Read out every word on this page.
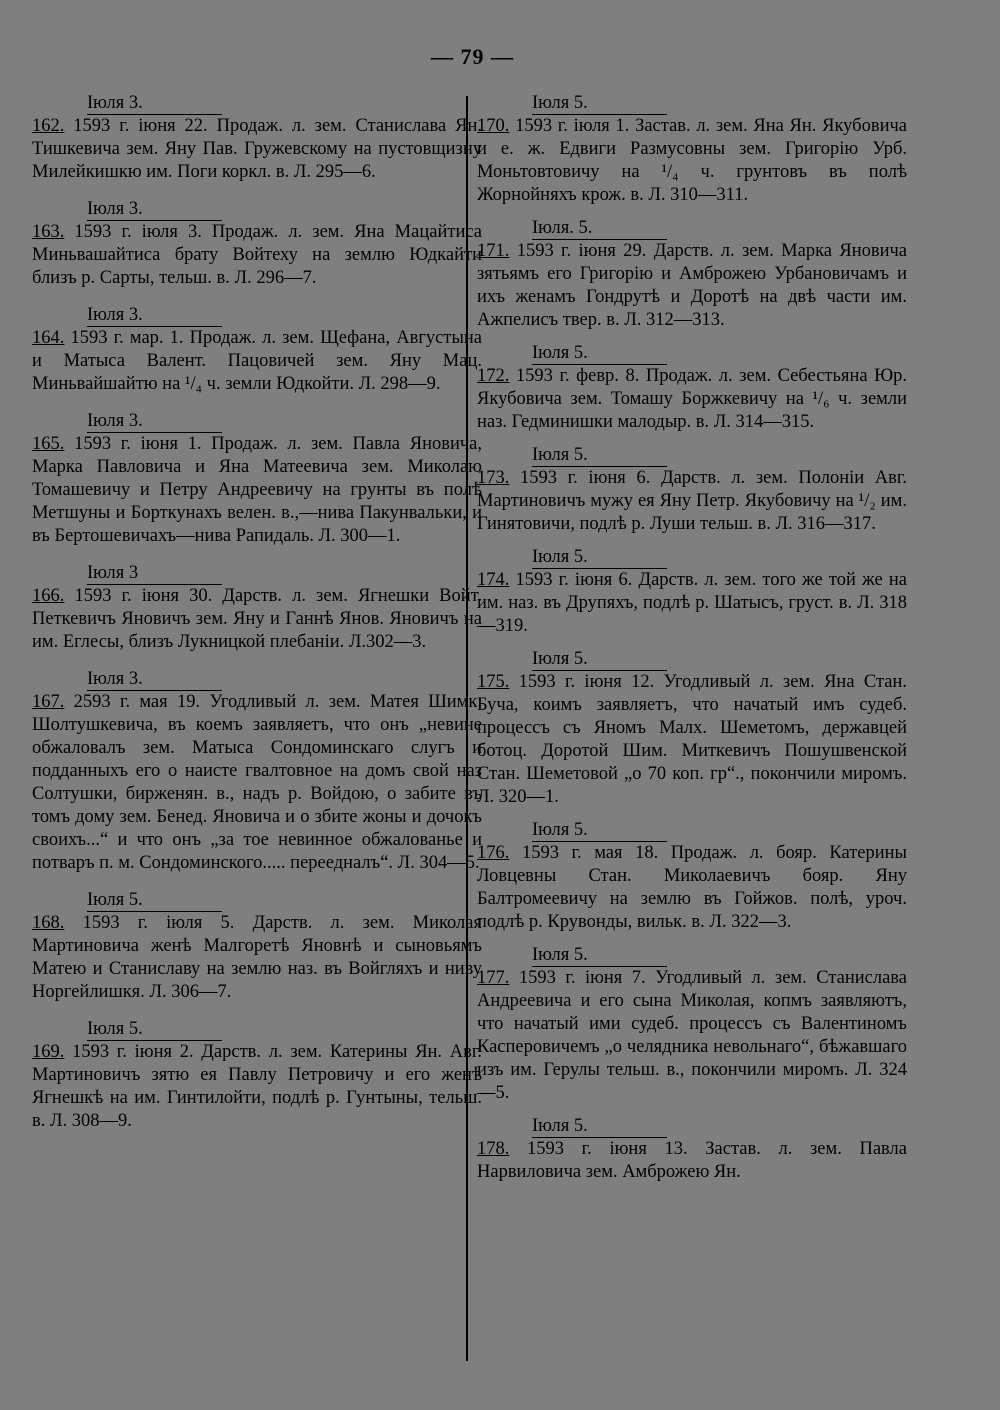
— 79 —
Іюля 3.

162. 1593 г. іюня 22. Продаж. л. зем. Станислава Ян. Тишкевича зем. Яну Пав. Гружевскому на пустовщизну Милейкишкю им. Поги коркл. в. Л. 295—6.

Іюля 3.

163. 1593 г. іюля 3. Продаж. л. зем. Яна Мацайтиса Миньвашайтиса брату Войтеху на землю Юдкайти близъ р. Сарты, тельш. в. Л. 296—7.

Іюля 3.

164. 1593 г. мар. 1. Продаж. л. зем. Щефана, Августына и Матыса Валент. Пацовичей зем. Яну Мац. Миньвайшайтю на ¹/₄ ч. земли Юдкойти. Л. 298—9.

Іюля 3.

165. 1593 г. іюня 1. Продаж. л. зем. Павла Яновича, Марка Павловича и Яна Матеевича зем. Миколаю Томашевичу и Петру Андреевичу на грунты въ полѣ Метшуны и Борткунахъ велен. в.,—нива Пакунвальки, и въ Бертошевичахъ—нива Рапидаль. Л. 300—1.

Іюля 3

166. 1593 г. іюня 30. Дарств. л. зем. Ягнешки Войт. Петкевичъ Яновичъ зем. Яну и Ганнѣ Янов. Яновичъ на им. Еглесы, близъ Лукницкой плебаніи. Л.302—3.

Іюля 3.

167. 2593 г. мая 19. Угодливый л. зем. Матея Шимк. Шолтушкевича, въ коемъ заявляетъ, что онъ „невине обжаловалъ зем. Матыса Сондоминскаго слугъ и подданныхъ его о наисте гвалтовное на домъ свой наз Солтушки, бирженян. в., надъ р. Войдою, о забите въ томъ дому зем. Бенед. Яновича и о збите жоны и дочокъ своихъ...“ и что онъ „за тое невинное обжалованье и потваръ п. м. Сондоминского..... переедналъ“. Л. 304—5.

Іюля 5.

168. 1593 г. іюля 5. Дарств. л. зем. Миколая Мартиновича женѣ Малгоретѣ Яновнѣ и сыновьямъ Матею и Станиславу на землю наз. въ Войгляхъ и ниву Норгейлишкя. Л. 306—7.

Іюля 5.

169. 1593 г. іюня 2. Дарств. л. зем. Катерины Ян. Авг. Мартиновичъ зятю ея Павлу Петровичу и его женѣ Ягнешкѣ на им. Гинтилойти, подлѣ р. Гунтыны, тельш. в. Л. 308—9.

Іюля 5.

170. 1593 г. іюля 1. Застав. л. зем. Яна Ян. Якубовича и е. ж. Едвиги Размусовны зем. Григорію Урб. Моньтовтовичу на ¹/₄ ч. грунтовъ въ полѣ Жорнойняхъ крож. в. Л. 310—311.

Іюля. 5.

171. 1593 г. іюня 29. Дарств. л. зем. Марка Яновича зятьямъ его Григорію и Амброжею Урбановичамъ и ихъ женамъ Гондрутѣ и Доротѣ на двѣ части им. Ажпелисъ твер. в. Л. 312—313.

Іюля 5.

172. 1593 г. февр. 8. Продаж. л. зем. Себестьяна Юр. Якубовича зем. Томашу Боржкевичу на ¹/₆ ч. земли наз. Гедминишки малодыр. в. Л. 314—315.

Іюля 5.

173. 1593 г. іюня 6. Дарств. л. зем. Полоніи Авг. Мартиновичъ мужу ея Яну Петр. Якубовичу на ¹/₂ им. Гинятовичи, подлѣ р. Луши тельш. в. Л. 316—317.

Іюля 5.

174. 1593 г. іюня 6. Дарств. л. зем. того же той же на им. наз. въ Друпяхъ, подлѣ р. Шатысъ, груст. в. Л. 318—319.

Іюля 5.

175. 1593 г. іюня 12. Угодливый л. зем. Яна Стан. Буча, коимъ заявляетъ, что начатый имъ судеб. процессъ съ Яномъ Малх. Шеметомъ, державцей ботоц. Доротой Шим. Миткевичъ Пошушвенской Стан. Шеметовой „о 70 коп. гр“., покончили миромъ. Л. 320—1.

Іюля 5.

176. 1593 г. мая 18. Продаж. л. бояр. Катерины Ловцевны Стан. Миколаевичъ бояр. Яну Балтромеевичу на землю въ Гойжов. полѣ, уроч. подлѣ р. Крувонды, вильк. в. Л. 322—3.

Іюля 5.

177. 1593 г. іюня 7. Угодливый л. зем. Станислава Андреевича и его сына Миколая, копмъ заявляютъ, что начатый ими судеб. процессъ съ Валентиномъ Касперовичемъ „о челядника невольнаго“, бѣжавшаго изъ им. Герулы тельш. в., покончили миромъ. Л. 324—5.

Іюля 5.

178. 1593 г. іюня 13. Застав. л. зем. Павла Нарвиловича зем. Амброжею Ян.
